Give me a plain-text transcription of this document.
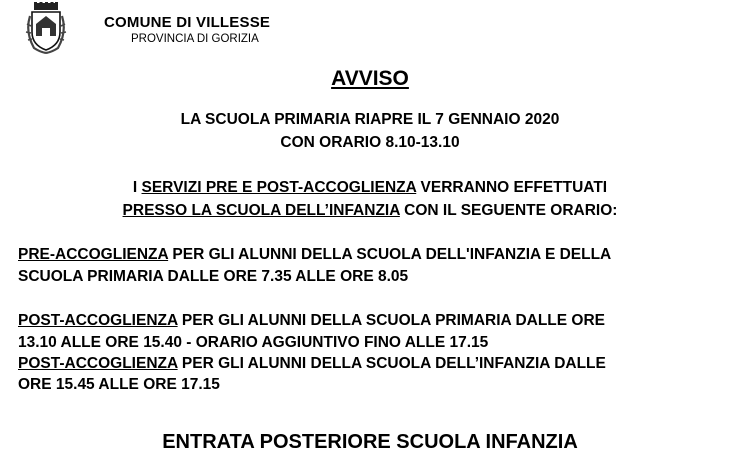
COMUNE DI VILLESSE
PROVINCIA DI GORIZIA
AVVISO
LA SCUOLA PRIMARIA RIAPRE IL 7 GENNAIO 2020
CON ORARIO 8.10-13.10
I SERVIZI PRE E POST-ACCOGLIENZA VERRANNO EFFETTUATI
PRESSO LA SCUOLA DELL’INFANZIA CON IL SEGUENTE ORARIO:
PRE-ACCOGLIENZA PER GLI ALUNNI DELLA SCUOLA DELL'INFANZIA E DELLA
SCUOLA PRIMARIA DALLE ORE 7.35 ALLE ORE 8.05
POST-ACCOGLIENZA PER GLI ALUNNI DELLA SCUOLA PRIMARIA DALLE ORE
13.10 ALLE ORE 15.40 - ORARIO AGGIUNTIVO FINO ALLE 17.15
POST-ACCOGLIENZA PER GLI ALUNNI DELLA SCUOLA DELL’INFANZIA DALLE
ORE 15.45 ALLE ORE 17.15
ENTRATA POSTERIORE SCUOLA INFANZIA
